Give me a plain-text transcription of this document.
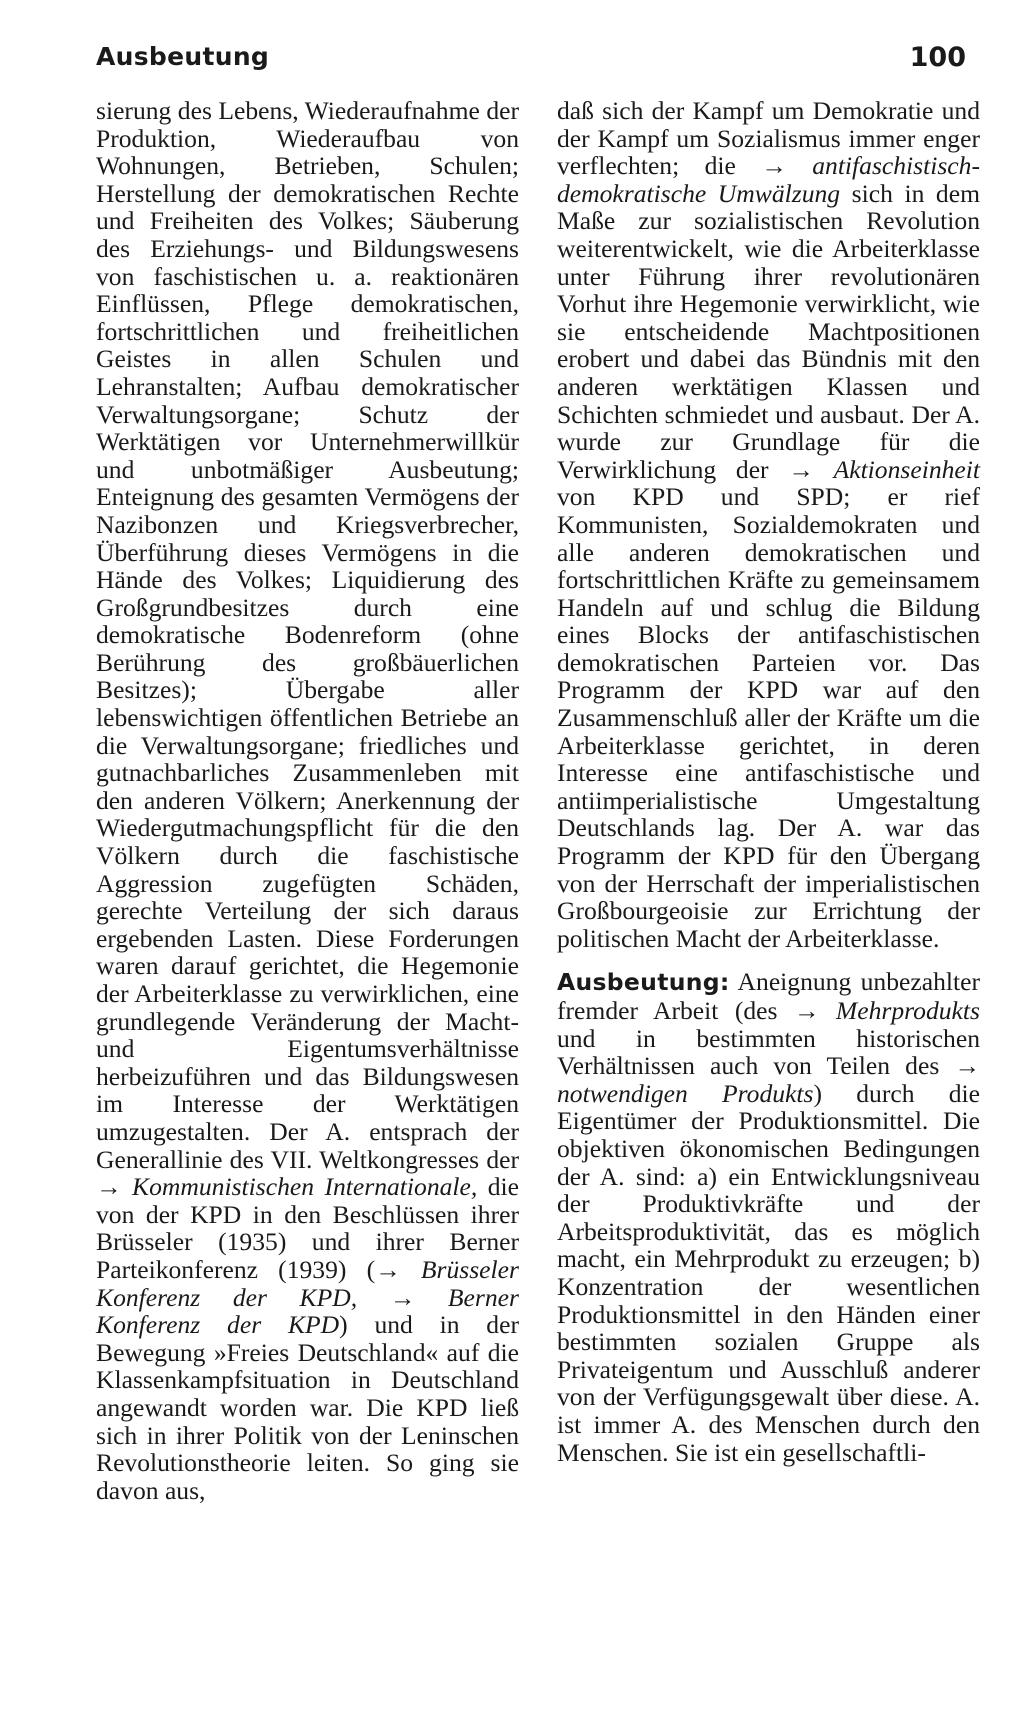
Ausbeutung	100

sierung des Lebens, Wiederaufnahme der Produktion, Wiederaufbau von Wohnungen, Betrieben, Schulen; Herstellung der demokratischen Rechte und Freiheiten des Volkes; Säuberung des Erziehungs- und Bildungswesens von faschistischen u. a. reaktionären Einflüssen, Pflege demokratischen, fortschrittlichen und freiheitlichen Geistes in allen Schulen und Lehranstalten; Aufbau demokratischer Verwaltungsorgane; Schutz der Werktätigen vor Unternehmerwillkür und unbotmäßiger Ausbeutung; Enteignung des gesamten Vermögens der Nazibonzen und Kriegsverbrecher, Überführung dieses Vermögens in die Hände des Volkes; Liquidierung des Großgrundbesitzes durch eine demokratische Bodenreform (ohne Berührung des großbäuerlichen Besitzes); Übergabe aller lebenswichtigen öffentlichen Betriebe an die Verwaltungsorgane; friedliches und gutnachbarliches Zusammenleben mit den anderen Völkern; Anerkennung der Wiedergutmachungspflicht für die den Völkern durch die faschistische Aggression zugefügten Schäden, gerechte Verteilung der sich daraus ergebenden Lasten. Diese Forderungen waren darauf gerichtet, die Hegemonie der Arbeiterklasse zu verwirklichen, eine grundlegende Veränderung der Macht- und Eigentumsverhältnisse herbeizuführen und das Bildungswesen im Interesse der Werktätigen umzugestalten. Der A. entsprach der Generallinie des VII. Weltkongresses der → Kommunistischen Internationale, die von der KPD in den Beschlüssen ihrer Brüsseler (1935) und ihrer Berner Parteikonferenz (1939) (→ Brüsseler Konferenz der KPD, → Berner Konferenz der KPD) und in der Bewegung »Freies Deutschland« auf die Klassenkampfsituation in Deutschland angewandt worden war. Die KPD ließ sich in ihrer Politik von der Leninschen Revolutionstheorie leiten. So ging sie davon aus,

daß sich der Kampf um Demokratie und der Kampf um Sozialismus immer enger verflechten; die → antifaschistisch-demokratische Umwälzung sich in dem Maße zur sozialistischen Revolution weiterentwickelt, wie die Arbeiterklasse unter Führung ihrer revolutionären Vorhut ihre Hegemonie verwirklicht, wie sie entscheidende Machtpositionen erobert und dabei das Bündnis mit den anderen werktätigen Klassen und Schichten schmiedet und ausbaut. Der A. wurde zur Grundlage für die Verwirklichung der → Aktionseinheit von KPD und SPD; er rief Kommunisten, Sozialdemokraten und alle anderen demokratischen und fortschrittlichen Kräfte zu gemeinsamem Handeln auf und schlug die Bildung eines Blocks der antifaschistischen demokratischen Parteien vor. Das Programm der KPD war auf den Zusammenschluß aller der Kräfte um die Arbeiterklasse gerichtet, in deren Interesse eine antifaschistische und antiimperialistische Umgestaltung Deutschlands lag. Der A. war das Programm der KPD für den Übergang von der Herrschaft der imperialistischen Großbourgeoisie zur Errichtung der politischen Macht der Arbeiterklasse.

Ausbeutung: Aneignung unbezahlter fremder Arbeit (des → Mehrprodukts und in bestimmten historischen Verhältnissen auch von Teilen des → notwendigen Produkts) durch die Eigentümer der Produktionsmittel. Die objektiven ökonomischen Bedingungen der A. sind: a) ein Entwicklungsniveau der Produktivkräfte und der Arbeitsproduktivität, das es möglich macht, ein Mehrprodukt zu erzeugen; b) Konzentration der wesentlichen Produktionsmittel in den Händen einer bestimmten sozialen Gruppe als Privateigentum und Ausschluß anderer von der Verfügungsgewalt über diese. A. ist immer A. des Menschen durch den Menschen. Sie ist ein gesellschaftli-
